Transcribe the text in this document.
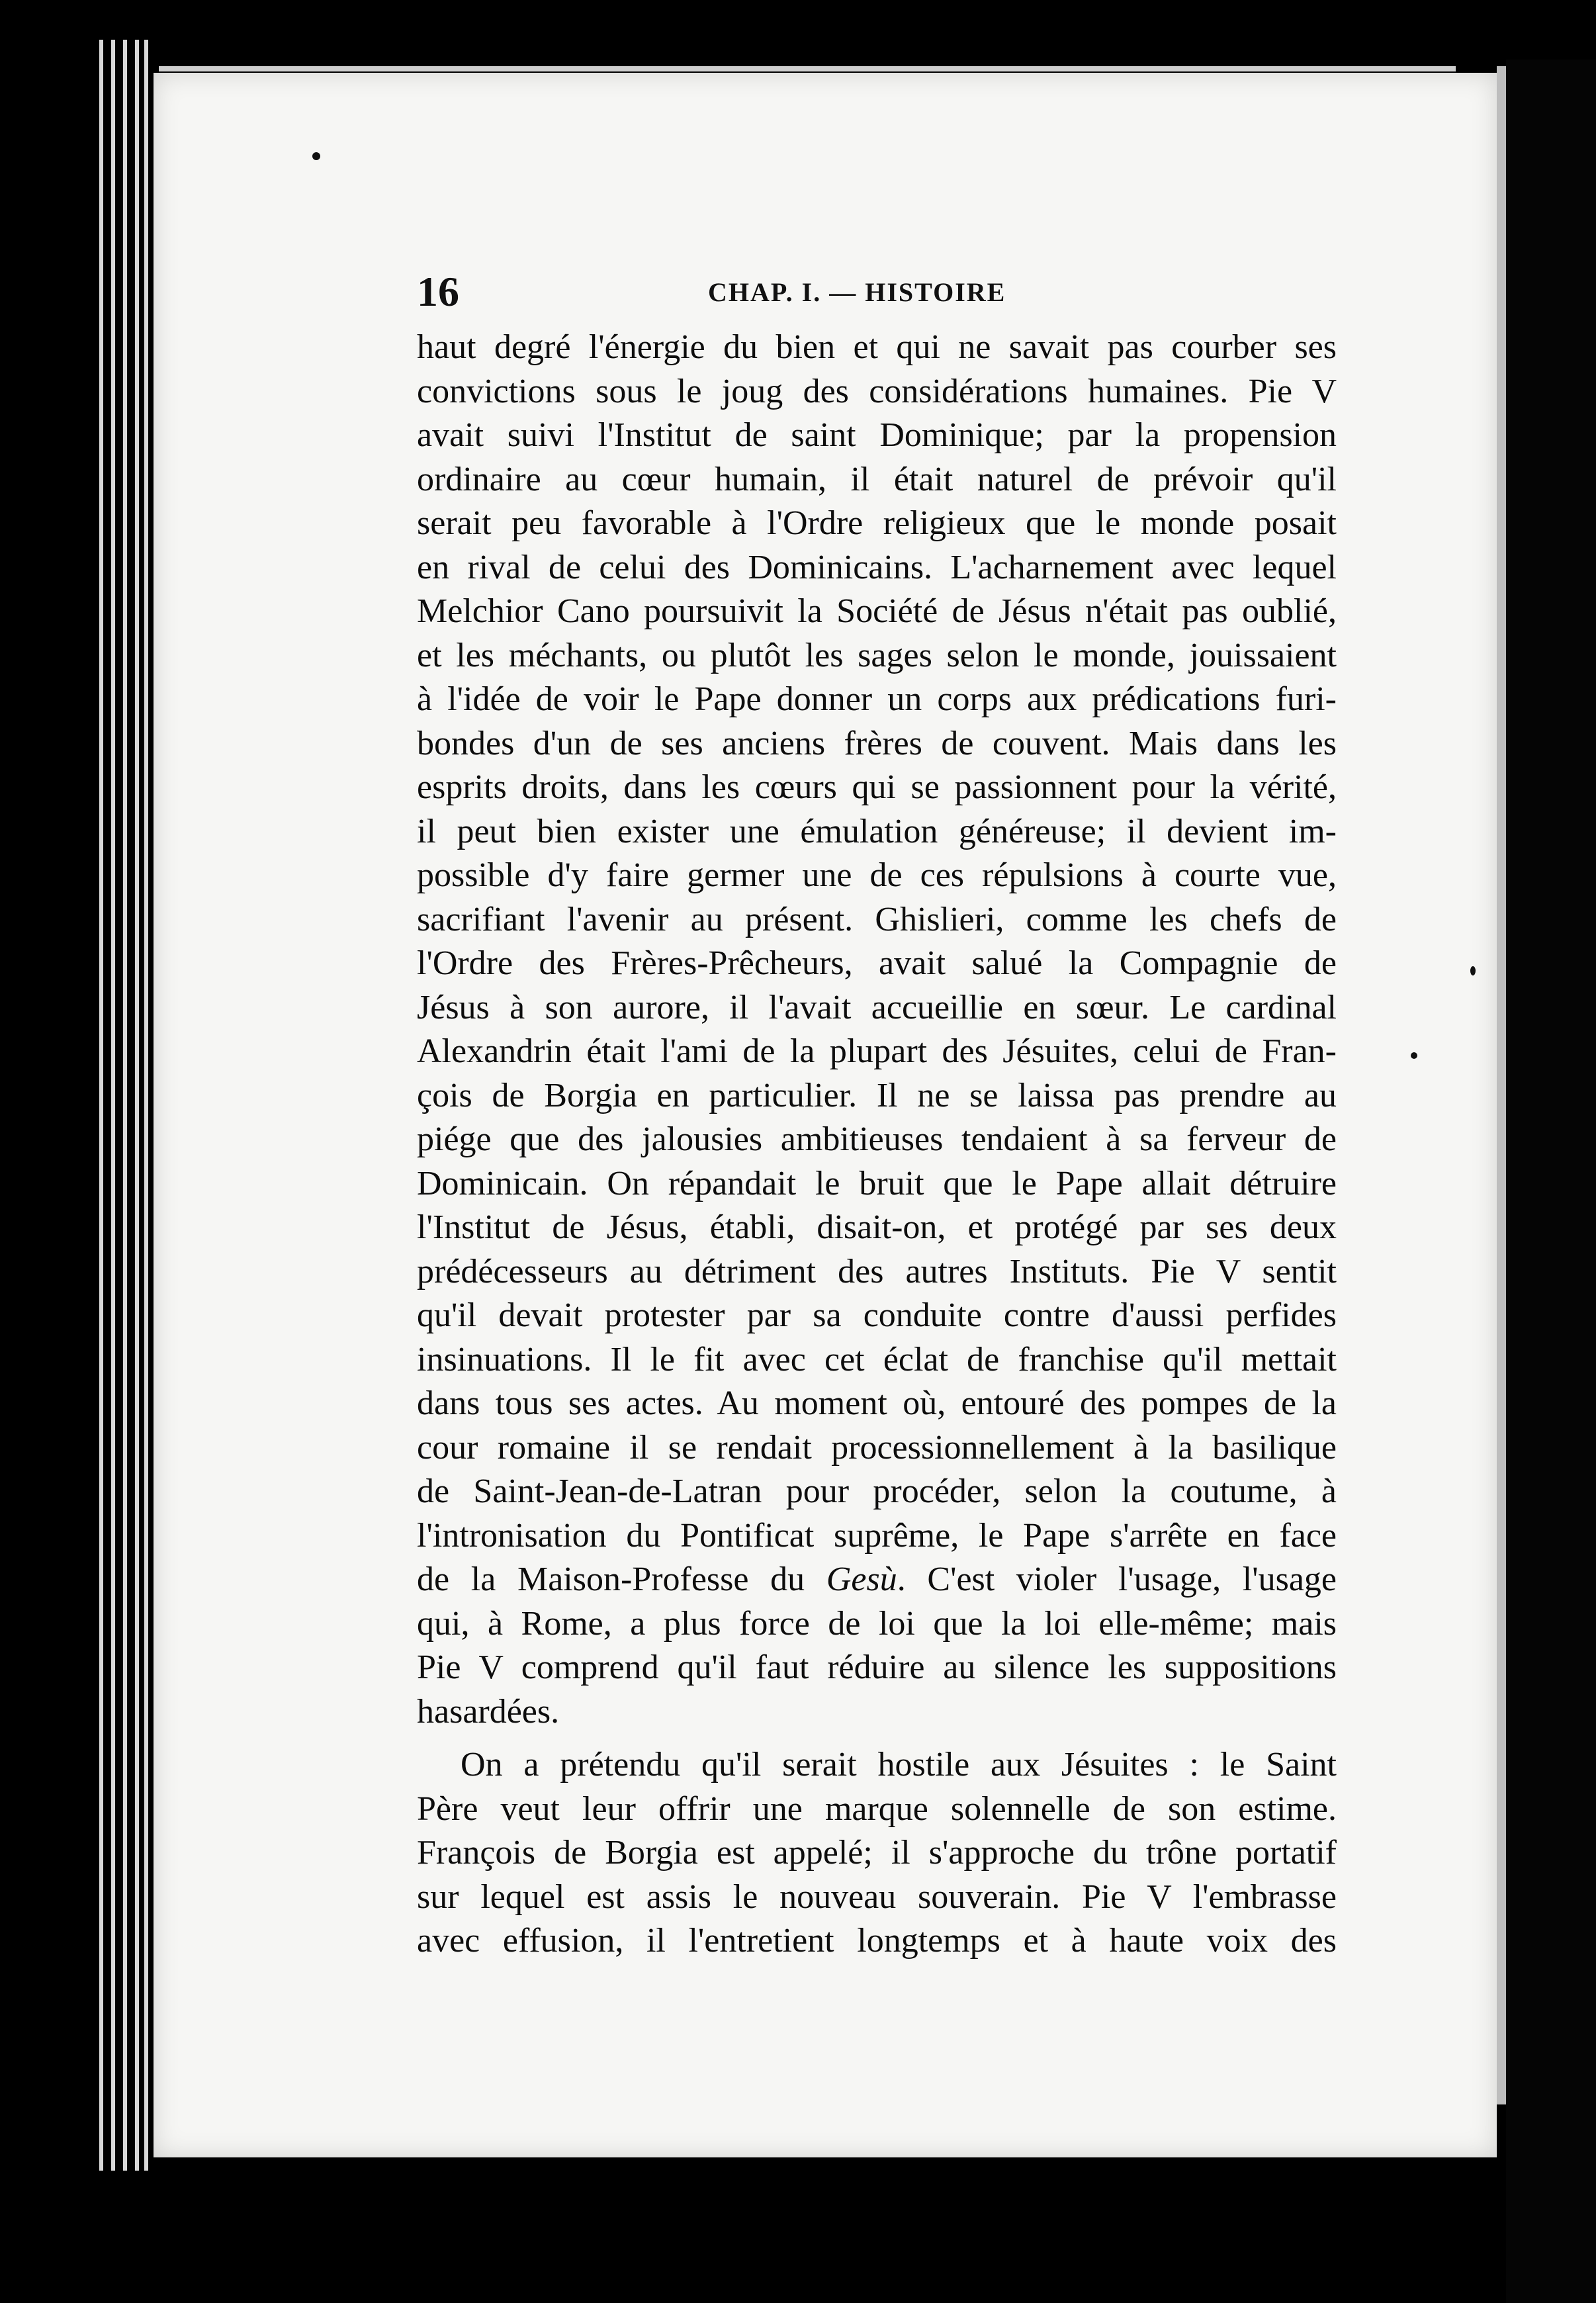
16	CHAP. I. — HISTOIRE
haut degré l'énergie du bien et qui ne savait pas courber ses
convictions sous le joug des considérations humaines. Pie V
avait suivi l'Institut de saint Dominique; par la propension
ordinaire au cœur humain, il était naturel de prévoir qu'il
serait peu favorable à l'Ordre religieux que le monde posait
en rival de celui des Dominicains. L'acharnement avec lequel
Melchior Cano poursuivit la Société de Jésus n'était pas oublié,
et les méchants, ou plutôt les sages selon le monde, jouissaient
à l'idée de voir le Pape donner un corps aux prédications furi-
bondes d'un de ses anciens frères de couvent. Mais dans les
esprits droits, dans les cœurs qui se passionnent pour la vérité,
il peut bien exister une émulation généreuse; il devient im-
possible d'y faire germer une de ces répulsions à courte vue,
sacrifiant l'avenir au présent. Ghislieri, comme les chefs de
l'Ordre des Frères-Prêcheurs, avait salué la Compagnie de
Jésus à son aurore, il l'avait accueillie en sœur. Le cardinal
Alexandrin était l'ami de la plupart des Jésuites, celui de Fran-
çois de Borgia en particulier. Il ne se laissa pas prendre au
piége que des jalousies ambitieuses tendaient à sa ferveur de
Dominicain. On répandait le bruit que le Pape allait détruire
l'Institut de Jésus, établi, disait-on, et protégé par ses deux
prédécesseurs au détriment des autres Instituts. Pie V sentit
qu'il devait protester par sa conduite contre d'aussi perfides
insinuations. Il le fit avec cet éclat de franchise qu'il mettait
dans tous ses actes. Au moment où, entouré des pompes de la
cour romaine il se rendait processionnellement à la basilique
de Saint-Jean-de-Latran pour procéder, selon la coutume, à
l'intronisation du Pontificat suprême, le Pape s'arrête en face
de la Maison-Professe du Gesù. C'est violer l'usage, l'usage
qui, à Rome, a plus force de loi que la loi elle-même; mais
Pie V comprend qu'il faut réduire au silence les suppositions
hasardées.
On a prétendu qu'il serait hostile aux Jésuites : le Saint
Père veut leur offrir une marque solennelle de son estime.
François de Borgia est appelé; il s'approche du trône portatif
sur lequel est assis le nouveau souverain. Pie V l'embrasse
avec effusion, il l'entretient longtemps et à haute voix des
